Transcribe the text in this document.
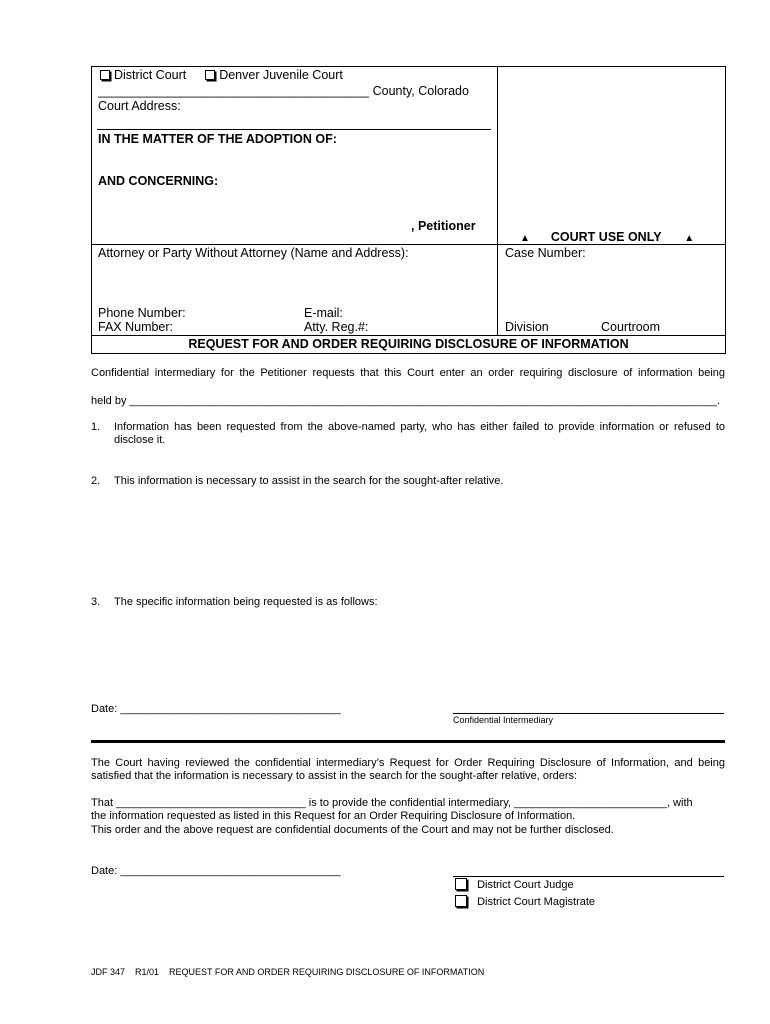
District Court	Denver Juvenile Court
_______________________________________ County, Colorado
Court Address:
IN THE MATTER OF THE ADOPTION OF:
AND CONCERNING:
, Petitioner
▲ COURT USE ONLY ▲
Attorney or Party Without Attorney (Name and Address):	Case Number:
Phone Number:	E-mail:
FAX Number:	Atty. Reg.#:	Division	Courtroom
REQUEST FOR AND ORDER REQUIRING DISCLOSURE OF INFORMATION
Confidential intermediary for the Petitioner requests that this Court enter an order requiring disclosure of information being
held by ________________________________________________________________________________________________.
1. Information has been requested from the above-named party, who has either failed to provide information or refused to disclose it.
2. This information is necessary to assist in the search for the sought-after relative.
3. The specific information being requested is as follows:
Date: ____________________________________
Confidential Intermediary
The Court having reviewed the confidential intermediary’s Request for Order Requiring Disclosure of Information, and being satisfied that the information is necessary to assist in the search for the sought-after relative, orders:
That _______________________________ is to provide the confidential intermediary, _________________________, with
the information requested as listed in this Request for an Order Requiring Disclosure of Information.
This order and the above request are confidential documents of the Court and may not be further disclosed.
Date: ____________________________________
District Court Judge
District Court Magistrate
JDF 347    R1/01    REQUEST FOR AND ORDER REQUIRING DISCLOSURE OF INFORMATION
